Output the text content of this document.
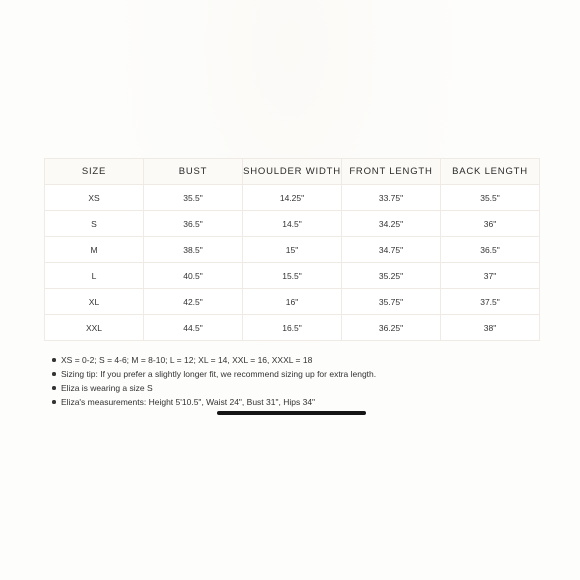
SIZE	BUST	SHOULDER WIDTH	FRONT LENGTH	BACK LENGTH
XS	35.5"	14.25"	33.75"	35.5"
S	36.5"	14.5"	34.25"	36"
M	38.5"	15"	34.75"	36.5"
L	40.5"	15.5"	35.25"	37"
XL	42.5"	16"	35.75"	37.5"
XXL	44.5"	16.5"	36.25"	38"
XS = 0-2; S = 4-6; M = 8-10; L = 12; XL = 14, XXL = 16, XXXL = 18
Sizing tip: If you prefer a slightly longer fit, we recommend sizing up for extra length.
Eliza is wearing a size S
Eliza's measurements: Height 5'10.5", Waist 24", Bust 31", Hips 34"
